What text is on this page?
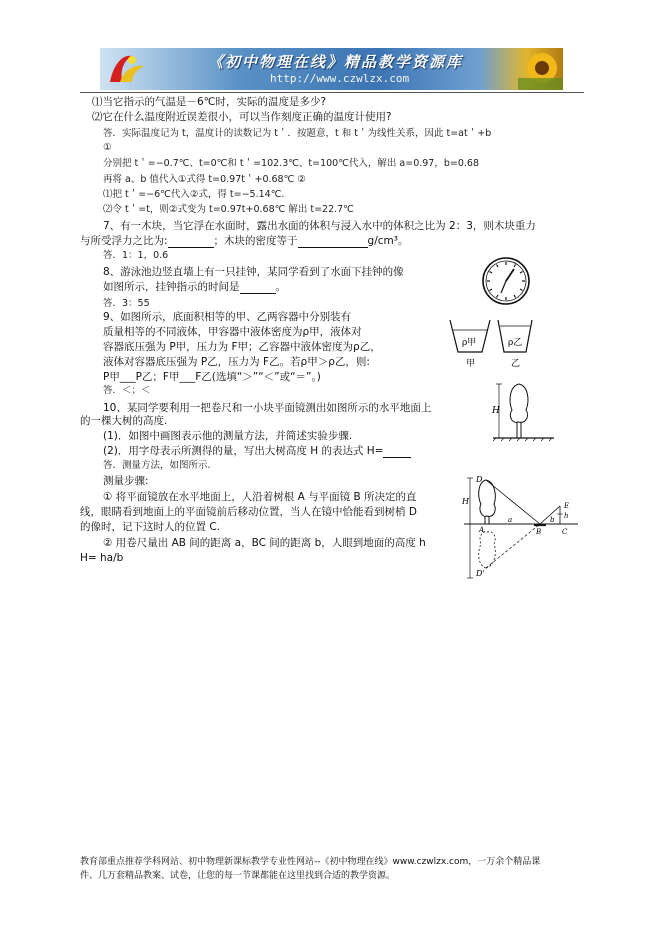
《初中物理在线》精品教学资源库
http://www.czwlzx.com
⑴当它指示的气温是－6℃时，实际的温度是多少?
⑵它在什么温度附近误差很小，可以当作刻度正确的温度计使用?
答．实际温度记为 t，温度计的读数记为 t＇．按题意，t 和 t＇为线性关系，因此 t=at＇+b
①
分别把 t＇=−0.7℃、t=0℃和 t＇=102.3℃、t=100℃代入，解出 a=0.97，b=0.68
再将 a、b 值代入①式得 t=0.97t＇+0.68℃ ②
⑴把 t＇=−6℃代入②式，得 t=−5.14℃.
⑵令 t＇=t，则②式变为 t=0.97t+0.68℃ 解出 t=22.7℃
7、有一木块，当它浮在水面时，露出水面的体积与浸入水中的体积之比为 2：3，则木块重力
与所受浮力之比为:	；木块的密度等于	g/cm³。
答．1：1，0.6
8、游泳池边竖直墙上有一只挂钟，某同学看到了水面下挂钟的像
如图所示，挂钟指示的时间是	。
答．3：55
9、如图所示，底面积相等的甲、乙两容器中分别装有
质量相等的不同液体，甲容器中液体密度为ρ甲，液体对
容器底压强为 P甲，压力为 F甲；乙容器中液体密度为ρ乙，
液体对容器底压强为 P乙，压力为 F乙。若ρ甲＞ρ乙，则:
P甲___P乙；F甲___F乙(选填“＞”“＜”或“＝”。)
答．＜；＜
ρ甲	ρ乙
甲	乙
10、某同学要利用一把卷尺和一小块平面镜测出如图所示的水平地面上
的一棵大树的高度.
(1)．如图中画图表示他的测量方法，并简述实验步骤.
(2)．用字母表示所测得的量，写出大树高度 H 的表达式 H=
答．测量方法，如图所示.
测量步骤:
① 将平面镜放在水平地面上，人沿着树根 A 与平面镜 B 所决定的直
线，眼睛看到地面上的平面镜前后移动位置，当人在镜中恰能看到树梢 D
的像时，记下这时人的位置 C.
② 用卷尺量出 AB 间的距离 a，BC 间的距离 b，人眼到地面的高度 h
H= ha/b
H
D
D'
A	B	C
E
a	b h
H
教育部重点推荐学科网站、初中物理新课标教学专业性网站--《初中物理在线》www.czwlzx.com，一万余个精品课
件、几万套精品教案、试卷，让您的每一节课都能在这里找到合适的教学资源。
